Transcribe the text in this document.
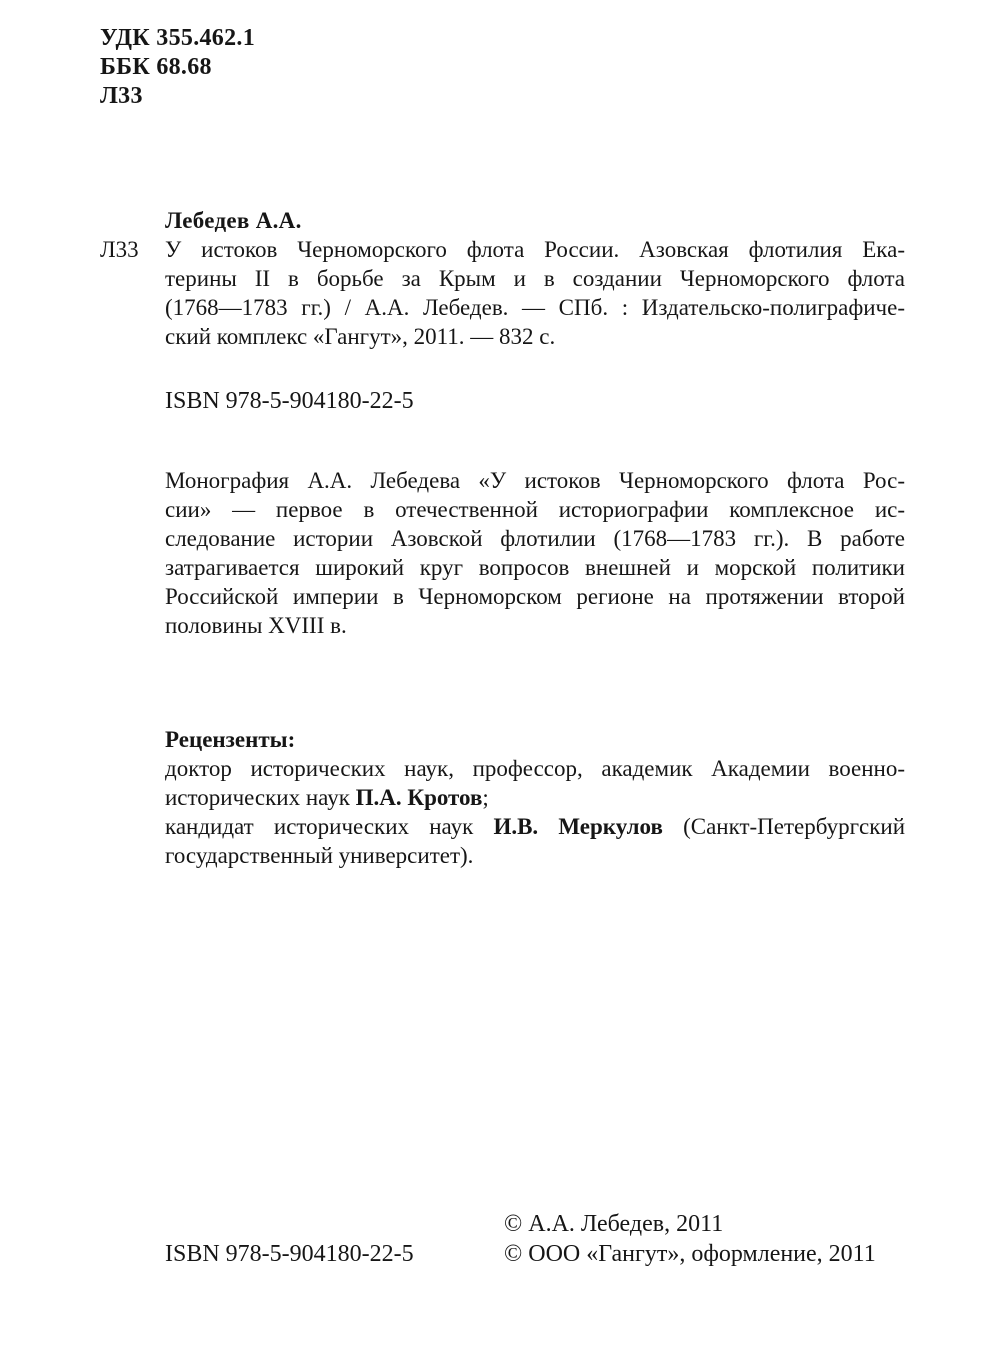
УДК 355.462.1
ББК 68.68
Л33
Лебедев А.А.
Л33	У истоков Черноморского флота России. Азовская флотилия Ека-
терины II в борьбе за Крым и в создании Черноморского флота
(1768—1783 гг.) / А.А. Лебедев. — СПб. : Издательско-полиграфиче-
ский комплекс «Гангут», 2011. — 832 с.
ISBN 978-5-904180-22-5
Монография А.А. Лебедева «У истоков Черноморского флота Рос-
сии» — первое в отечественной историографии комплексное ис-
следование истории Азовской флотилии (1768—1783 гг.). В работе
затрагивается широкий круг вопросов внешней и морской политики
Российской империи в Черноморском регионе на протяжении второй
половины XVIII в.
Рецензенты:
доктор исторических наук, профессор, академик Академии военно-
исторических наук П.А. Кротов;
кандидат исторических наук И.В. Меркулов (Санкт-Петербургский
государственный университет).
ISBN 978-5-904180-22-5
© А.А. Лебедев, 2011
© ООО «Гангут», оформление, 2011
